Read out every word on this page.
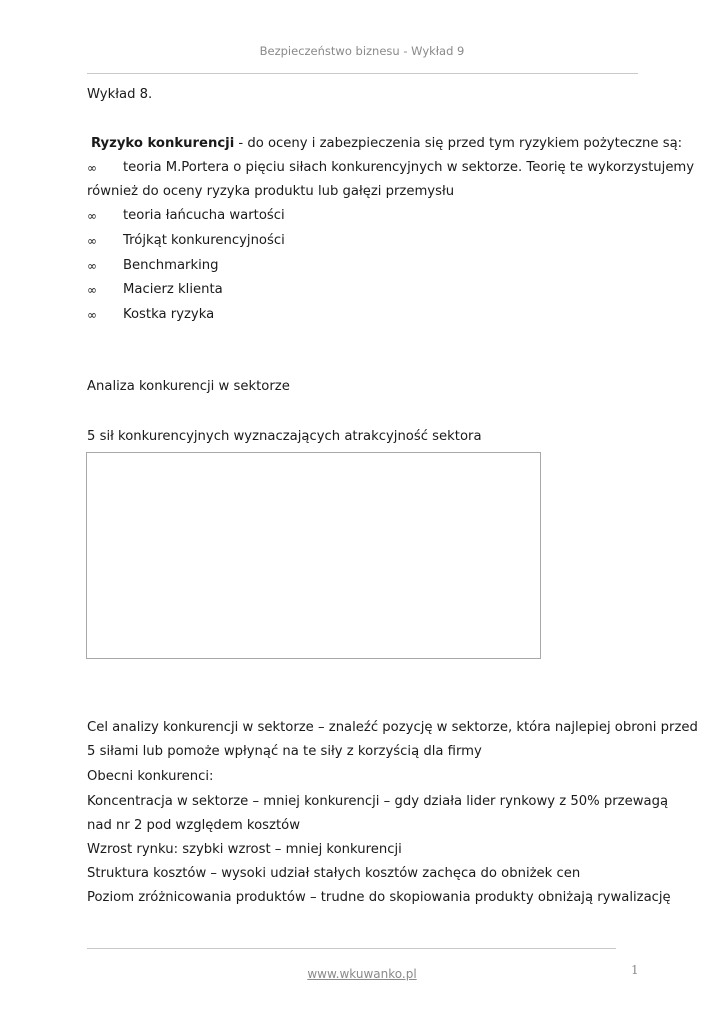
Bezpieczeństwo biznesu - Wykład 9
Wykład 8.
Ryzyko konkurencji - do oceny i zabezpieczenia się przed tym ryzykiem pożyteczne są:
∞ teoria M.Portera o pięciu siłach konkurencyjnych w sektorze. Teorię te wykorzystujemy
również do oceny ryzyka produktu lub gałęzi przemysłu
∞ teoria łańcucha wartości
∞ Trójkąt konkurencyjności
∞ Benchmarking
∞ Macierz klienta
∞ Kostka ryzyka
Analiza konkurencji w sektorze
5 sił konkurencyjnych wyznaczających atrakcyjność sektora
Cel analizy konkurencji w sektorze – znaleźć pozycję w sektorze, która najlepiej obroni przed
5 siłami lub pomoże wpłynąć na te siły z korzyścią dla firmy
Obecni konkurenci:
Koncentracja w sektorze – mniej konkurencji – gdy działa lider rynkowy z 50% przewagą
nad nr 2 pod względem kosztów
Wzrost rynku: szybki wzrost – mniej konkurencji
Struktura kosztów – wysoki udział stałych kosztów zachęca do obniżek cen
Poziom zróżnicowania produktów – trudne do skopiowania produkty obniżają rywalizację
www.wkuwanko.pl	1
